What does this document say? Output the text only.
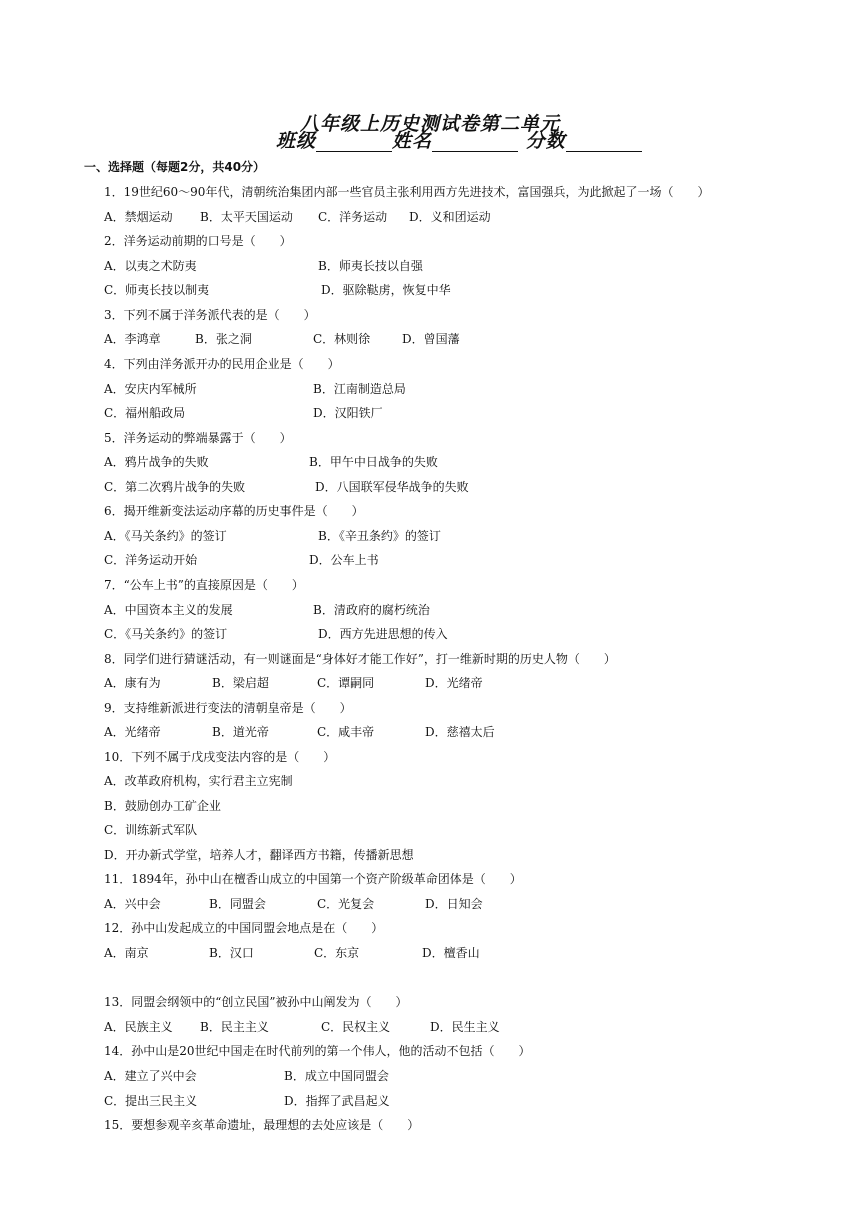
八年级上历史测试卷第二单元
班级	姓名	分数
一、选择题（每题2分，共40分）
1．19世纪60～90年代，清朝统治集团内部一些官员主张利用西方先进技术，富国强兵，为此掀起了一场（　　）
A．禁烟运动 B．太平天国运动 C．洋务运动 D．义和团运动
2．洋务运动前期的口号是（　　）
A．以夷之术防夷	B．师夷长技以自强
C．师夷长技以制夷	D．驱除鞑虏，恢复中华
3．下列不属于洋务派代表的是（　　）
A．李鸿章	B．张之洞	C．林则徐	D．曾国藩
4．下列由洋务派开办的民用企业是（　　）
A．安庆内军械所	B．江南制造总局
C．福州船政局	D．汉阳铁厂
5．洋务运动的弊端暴露于（　　）
A．鸦片战争的失败	B．甲午中日战争的失败
C．第二次鸦片战争的失败	D．八国联军侵华战争的失败
6．揭开维新变法运动序幕的历史事件是（　　）
A．《马关条约》的签订	B．《辛丑条约》的签订
C．洋务运动开始	D．公车上书
7．“公车上书”的直接原因是（　　）
A．中国资本主义的发展	B．清政府的腐朽统治
C．《马关条约》的签订	D．西方先进思想的传入
8．同学们进行猜谜活动，有一则谜面是“身体好才能工作好”，打一维新时期的历史人物（　　）
A．康有为	B．梁启超	C．谭嗣同	D．光绪帝
9．支持维新派进行变法的清朝皇帝是（　　）
A．光绪帝	B．道光帝	C．咸丰帝	D．慈禧太后
10．下列不属于戊戌变法内容的是（　　）
A．改革政府机构，实行君主立宪制
B．鼓励创办工矿企业
C．训练新式军队
D．开办新式学堂，培养人才，翻译西方书籍，传播新思想
11．1894年，孙中山在檀香山成立的中国第一个资产阶级革命团体是（　　）
A．兴中会	B．同盟会	C．光复会	D．日知会
12．孙中山发起成立的中国同盟会地点是在（　　）
A．南京	B．汉口	C．东京	D．檀香山
13．同盟会纲领中的“创立民国”被孙中山阐发为（　　）
A．民族主义 B．民主主义	C．民权主义	D．民生主义
14．孙中山是20世纪中国走在时代前列的第一个伟人，他的活动不包括（　　）
A．建立了兴中会	B．成立中国同盟会
C．提出三民主义	D．指挥了武昌起义
15．要想参观辛亥革命遗址，最理想的去处应该是（　　）
